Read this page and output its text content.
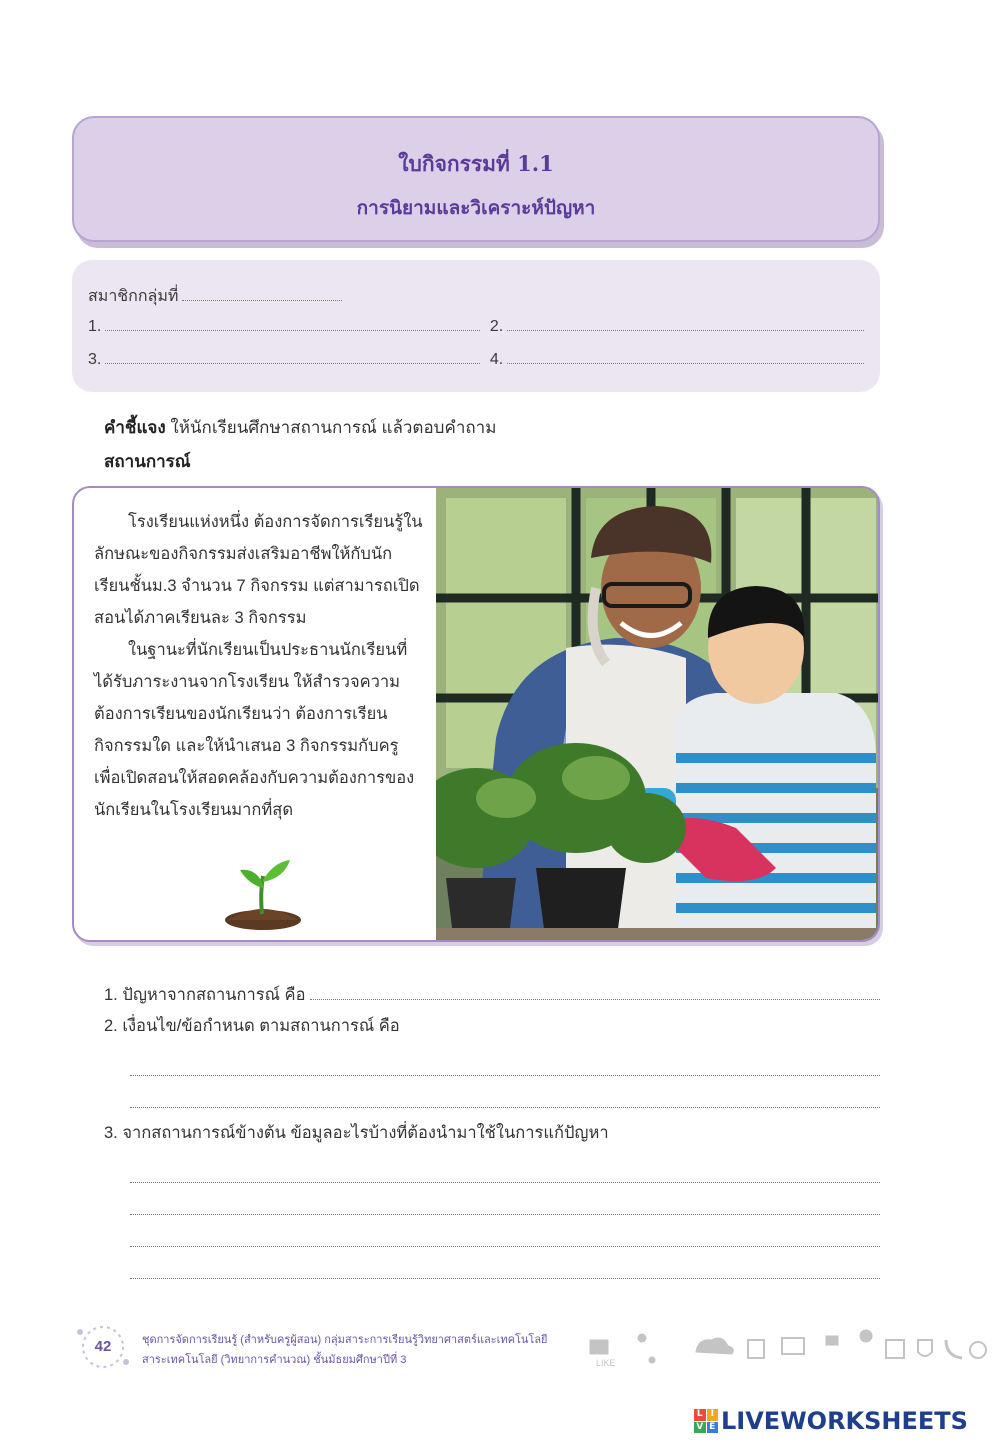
ใบกิจกรรมที่ 1.1
การนิยามและวิเคราะห์ปัญหา
สมาชิกกลุ่มที่
1.	2.
3.	4.
คำชี้แจง ให้นักเรียนศึกษาสถานการณ์ แล้วตอบคำถาม
สถานการณ์

โรงเรียนแห่งหนึ่ง ต้องการจัดการเรียนรู้ในลักษณะของกิจกรรมส่งเสริมอาชีพให้กับนักเรียนชั้นม.3 จำนวน 7 กิจกรรม แต่สามารถเปิดสอนได้ภาคเรียนละ 3 กิจกรรม

ในฐานะที่นักเรียนเป็นประธานนักเรียนที่ได้รับภาระงานจากโรงเรียน ให้สำรวจความต้องการเรียนของนักเรียนว่า ต้องการเรียนกิจกรรมใด และให้นำเสนอ 3 กิจกรรมกับครูเพื่อเปิดสอนให้สอดคล้องกับความต้องการของนักเรียนในโรงเรียนมากที่สุด

1. ปัญหาจากสถานการณ์ คือ
2. เงื่อนไข/ข้อกำหนด ตามสถานการณ์ คือ
3. จากสถานการณ์ข้างต้น ข้อมูลอะไรบ้างที่ต้องนำมาใช้ในการแก้ปัญหา
42	ชุดการจัดการเรียนรู้ (สำหรับครูผู้สอน) กลุ่มสาระการเรียนรู้วิทยาศาสตร์และเทคโนโลยี
สาระเทคโนโลยี (วิทยาการคำนวณ) ชั้นมัธยมศึกษาปีที่ 3	LIKE
L I
V E LIVEWORKSHEETS
